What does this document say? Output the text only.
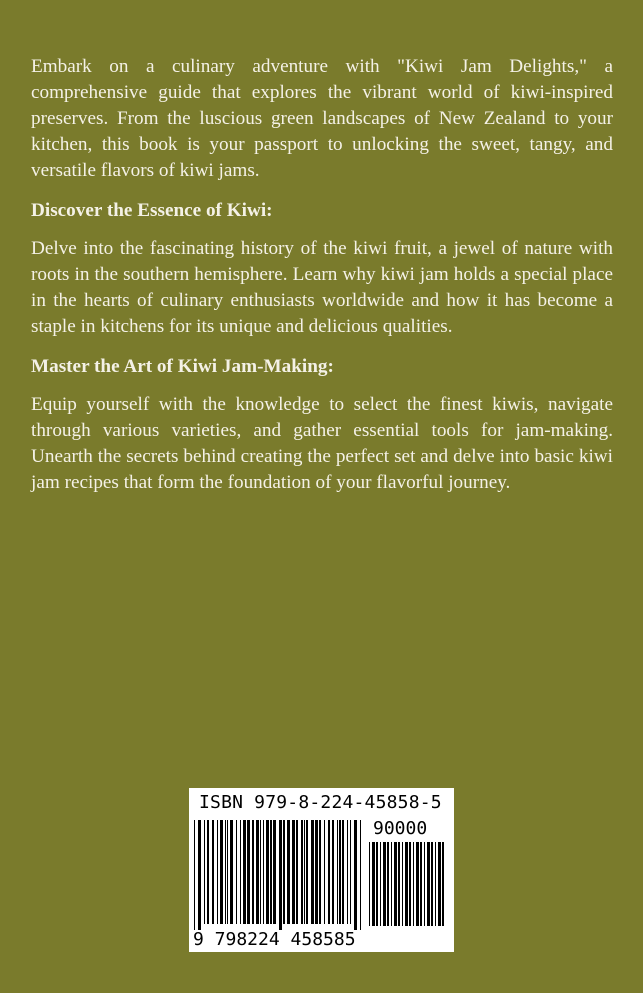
Embark on a culinary adventure with "Kiwi Jam Delights," a comprehensive guide that explores the vibrant world of kiwi-inspired preserves. From the luscious green landscapes of New Zealand to your kitchen, this book is your passport to unlocking the sweet, tangy, and versatile flavors of kiwi jams.

Discover the Essence of Kiwi:

Delve into the fascinating history of the kiwi fruit, a jewel of nature with roots in the southern hemisphere. Learn why kiwi jam holds a special place in the hearts of culinary enthusiasts worldwide and how it has become a staple in kitchens for its unique and delicious qualities.

Master the Art of Kiwi Jam-Making:

Equip yourself with the knowledge to select the finest kiwis, navigate through various varieties, and gather essential tools for jam-making. Unearth the secrets behind creating the perfect set and delve into basic kiwi jam recipes that form the foundation of your flavorful journey.

ISBN 979-8-224-45858-5
90000
9 798224 458585
